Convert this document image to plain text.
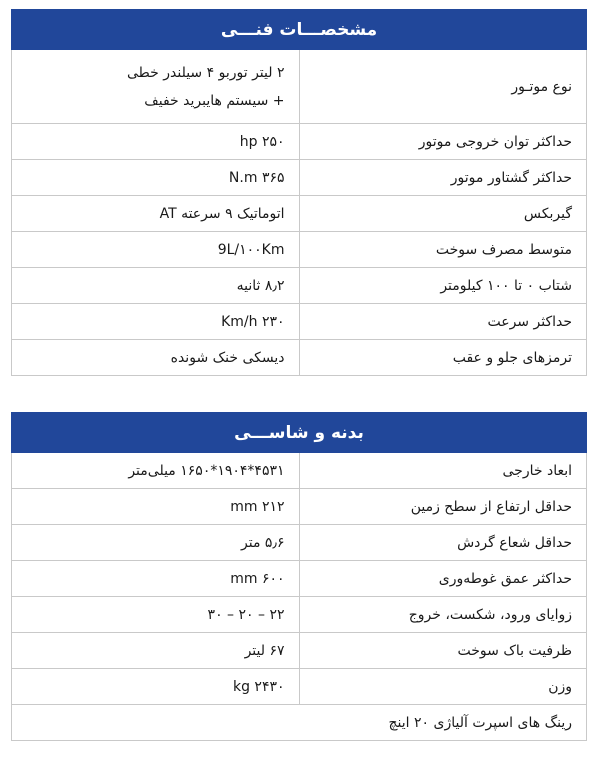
مشخصـــات فنـــی	
نوع موتـور	۲ لیتر توربو ۴ سیلندر خطی
+ سیستم هایبرید خفیف

حداکثر توان خروجی موتور	۲۵۰ hp
حداکثر گشتاور موتور	۳۶۵ N.m
گیربکس	اتوماتیک ۹ سرعته AT
متوسط مصرف سوخت	9L/۱۰۰Km
شتاب ۰ تا ۱۰۰ کیلومتر	۸٫۲ ثانیه
حداکثر سرعت	۲۳۰ Km/h
ترمزهای جلو و عقب	دیسکی خنک شونده
بدنه و شاســـی	
ابعاد خارجی	۴۵۳۱*۱۹۰۴*۱۶۵۰ میلی‌متر
حداقل ارتفاع از سطح زمین	۲۱۲ mm
حداقل شعاع گردش	۵٫۶ متر
حداکثر عمق غوطه‌وری	۶۰۰ mm
زوایای ورود، شکست، خروج	۲۲ – ۲۰ – ۳۰
ظرفیت باک سوخت	۶۷ لیتر
وزن	۲۴۳۰ kg
رینگ های اسپرت آلیاژی ۲۰ اینچ	
